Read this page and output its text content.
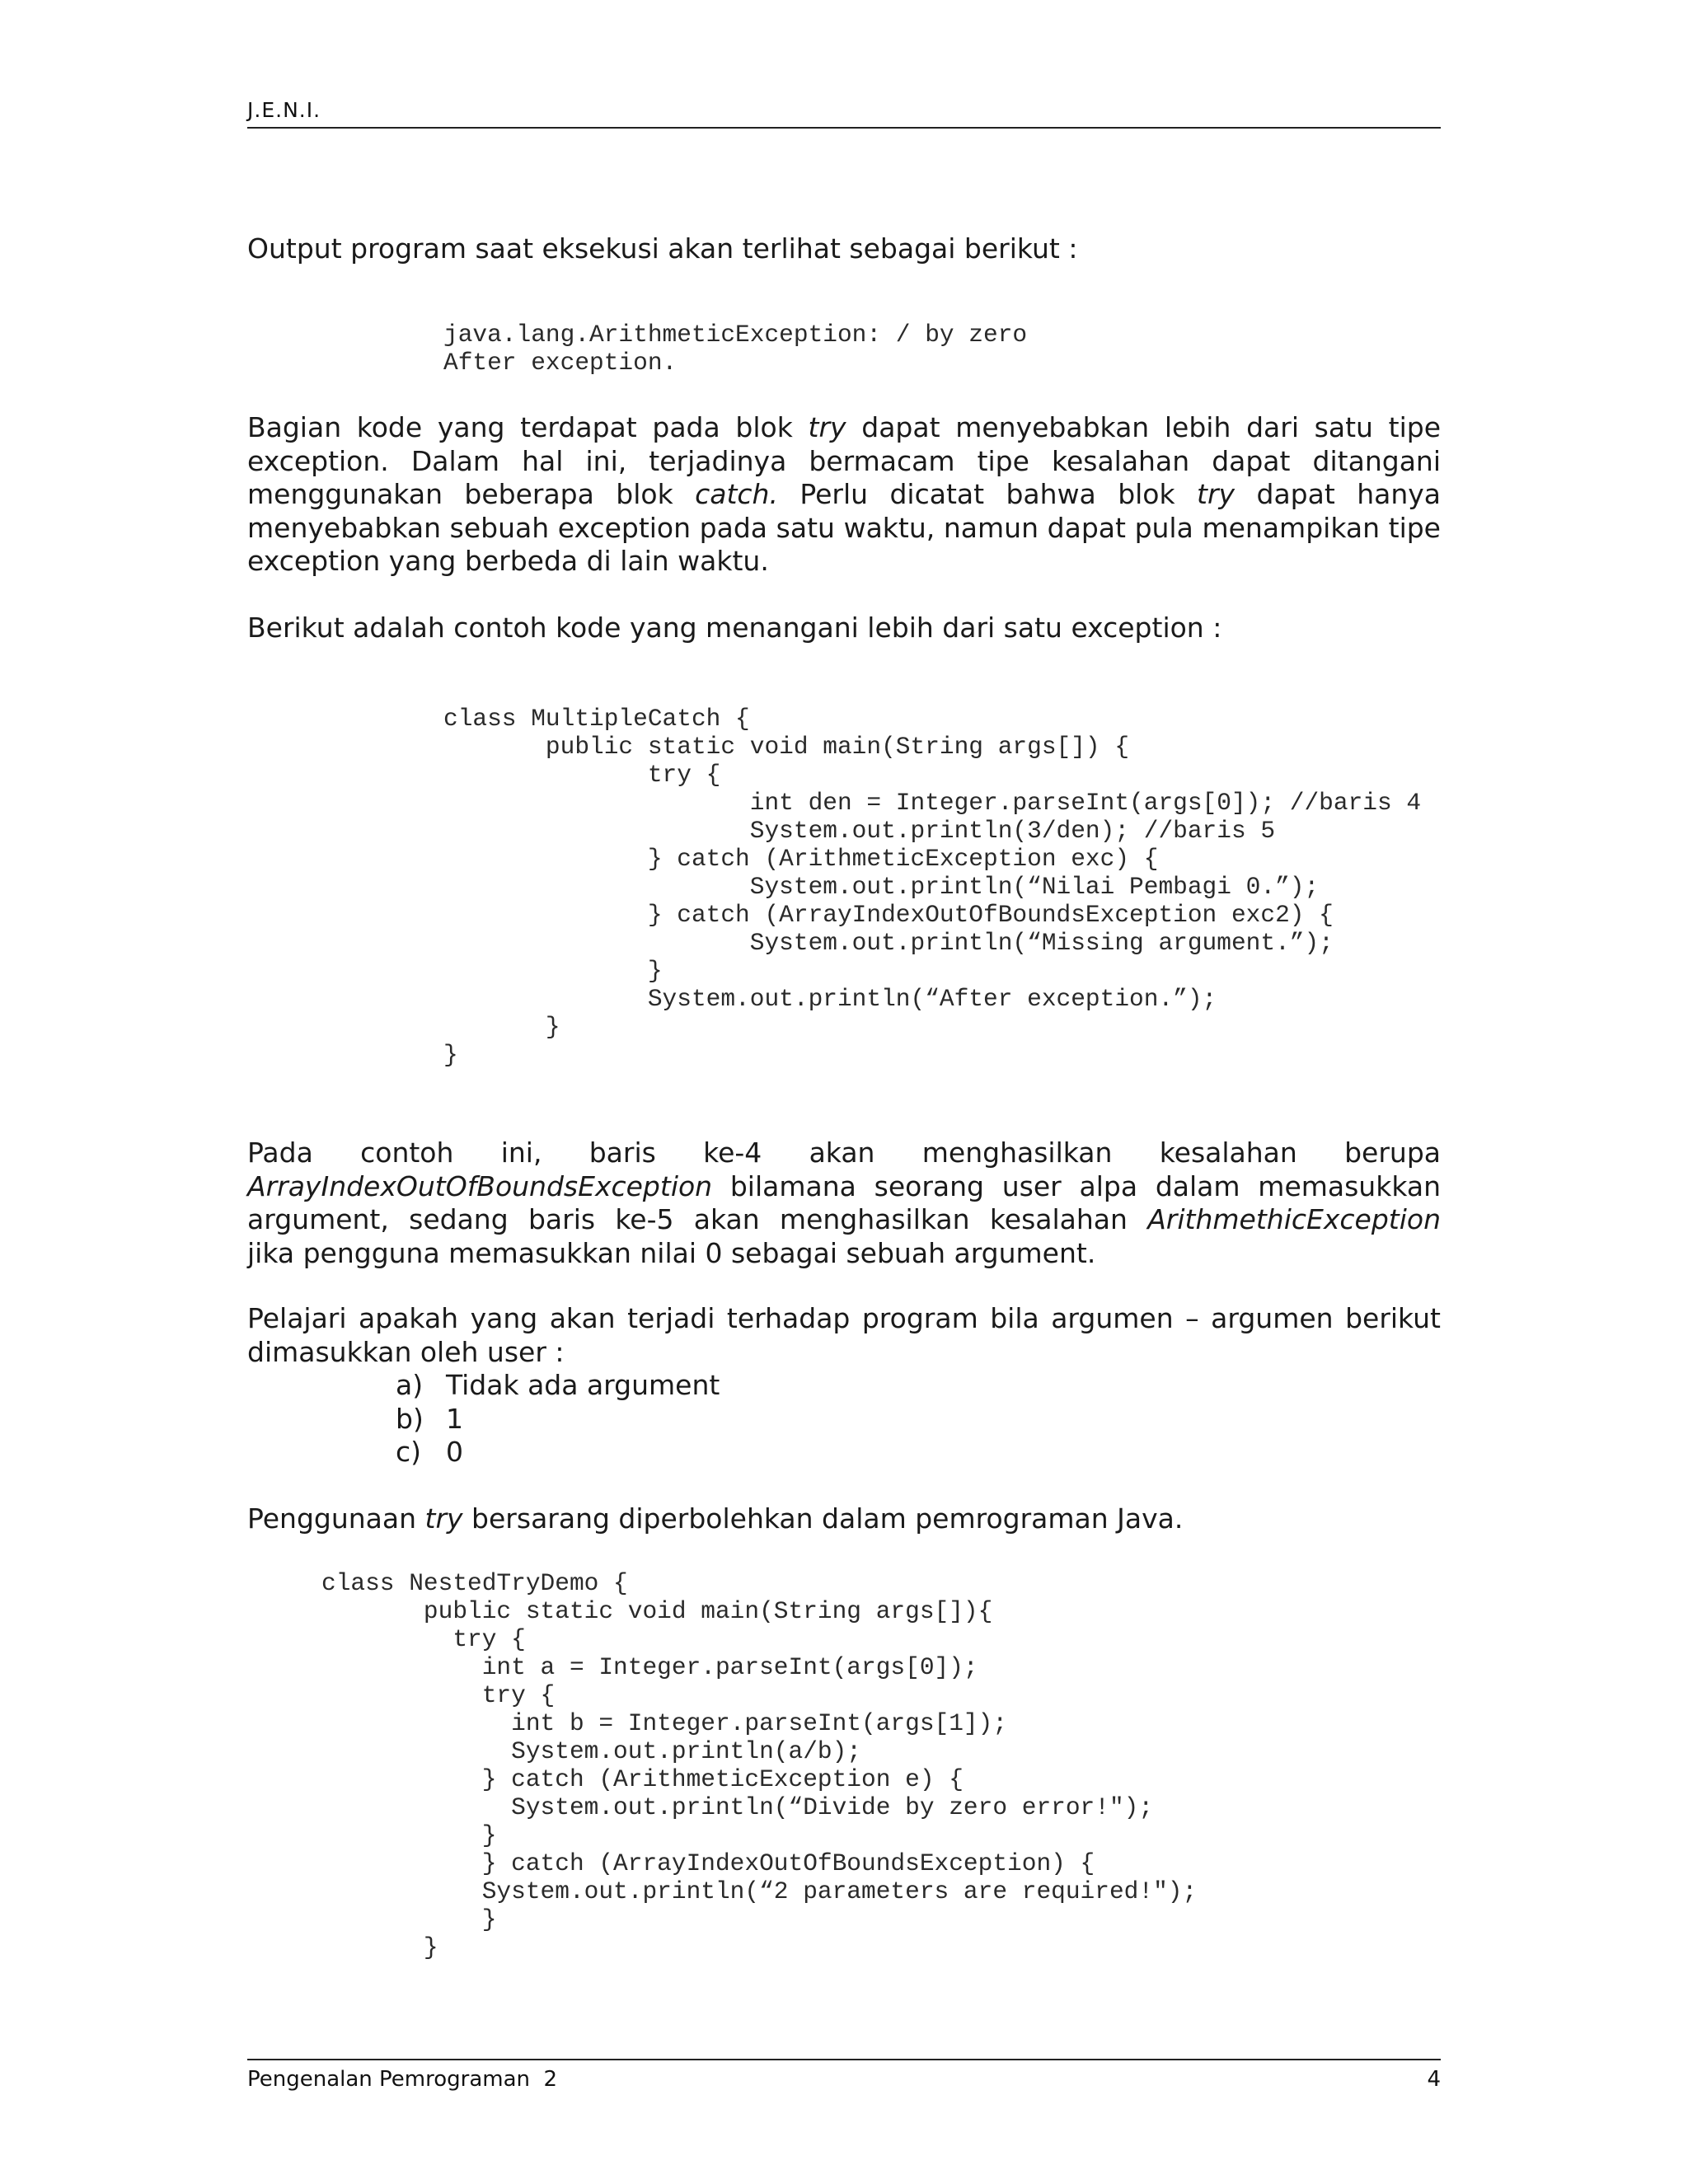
J.E.N.I.

Output program saat eksekusi akan terlihat sebagai berikut :

java.lang.ArithmeticException: / by zero
After exception.

Bagian kode yang terdapat pada blok try dapat menyebabkan lebih dari satu tipe exception. Dalam hal ini, terjadinya bermacam tipe kesalahan dapat ditangani menggunakan beberapa blok catch. Perlu dicatat bahwa blok try dapat hanya menyebabkan sebuah exception pada satu waktu, namun dapat pula menampikan tipe exception yang berbeda di lain waktu.

Berikut adalah contoh kode yang menangani lebih dari satu exception :

class MultipleCatch {
public static void main(String args[]) {
try {
int den = Integer.parseInt(args[0]); //baris 4
System.out.println(3/den); //baris 5
} catch (ArithmeticException exc) {
System.out.println(“Nilai Pembagi 0.”);
} catch (ArrayIndexOutOfBoundsException exc2) {
System.out.println(“Missing argument.”);
}
System.out.println(“After exception.”);
}
}
Pada contoh ini, baris ke-4 akan menghasilkan kesalahan berupa
ArrayIndexOutOfBoundsException bilamana seorang user alpa dalam memasukkan
argument, sedang baris ke-5 akan menghasilkan kesalahan ArithmethicException
jika pengguna memasukkan nilai 0 sebagai sebuah argument.
Pelajari apakah yang akan terjadi terhadap program bila argumen – argumen berikut
dimasukkan oleh user :
a) Tidak ada argument
b) 1
c) 0

Penggunaan try bersarang diperbolehkan dalam pemrograman Java.

class NestedTryDemo {
public static void main(String args[]){
try {
int a = Integer.parseInt(args[0]);
try {
int b = Integer.parseInt(args[1]);
System.out.println(a/b);
} catch (ArithmeticException e) {
System.out.println(“Divide by zero error!");
}
} catch (ArrayIndexOutOfBoundsException) {
System.out.println(“2 parameters are required!");
}
}
Pengenalan Pemrograman  2	4
